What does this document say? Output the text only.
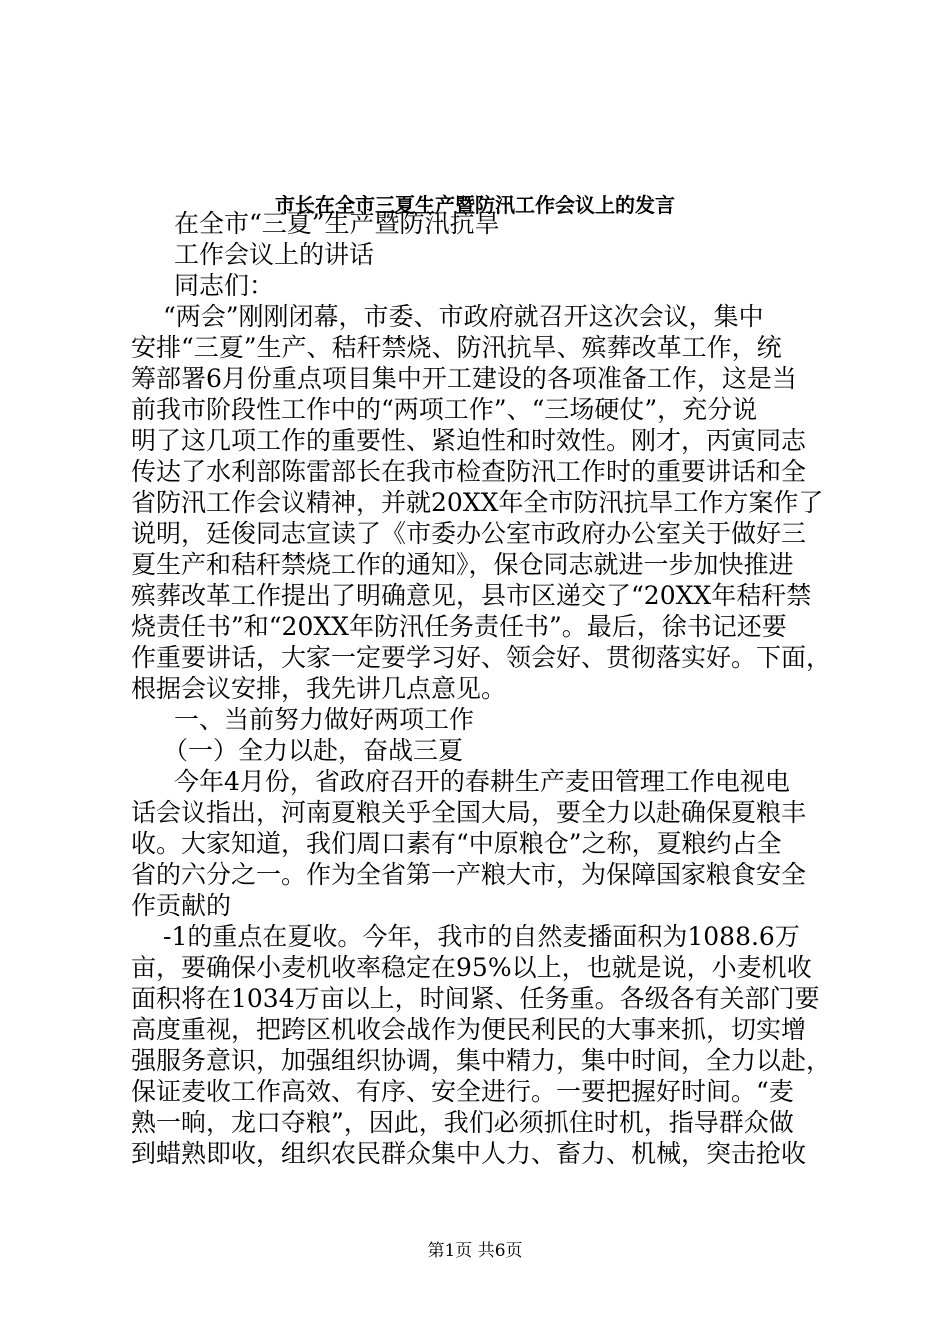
市长在全市三夏生产暨防汛工作会议上的发言
在全市“三夏”生产暨防汛抗旱
工作会议上的讲话
同志们：
“两会”刚刚闭幕，市委、市政府就召开这次会议，集中
安排“三夏”生产、秸秆禁烧、防汛抗旱、殡葬改革工作，统
筹部署6月份重点项目集中开工建设的各项准备工作，这是当
前我市阶段性工作中的“两项工作”、“三场硬仗”，充分说
明了这几项工作的重要性、紧迫性和时效性。刚才，丙寅同志
传达了水利部陈雷部长在我市检查防汛工作时的重要讲话和全
省防汛工作会议精神，并就20XX年全市防汛抗旱工作方案作了
说明，廷俊同志宣读了《市委办公室市政府办公室关于做好三
夏生产和秸秆禁烧工作的通知》，保仓同志就进一步加快推进
殡葬改革工作提出了明确意见，县市区递交了“20XX年秸秆禁
烧责任书”和“20XX年防汛任务责任书”。最后，徐书记还要
作重要讲话，大家一定要学习好、领会好、贯彻落实好。下面，
根据会议安排，我先讲几点意见。
一、当前努力做好两项工作
（一）全力以赴，奋战三夏
今年4月份，省政府召开的春耕生产麦田管理工作电视电
话会议指出，河南夏粮关乎全国大局，要全力以赴确保夏粮丰
收。大家知道，我们周口素有“中原粮仓”之称，夏粮约占全
省的六分之一。作为全省第一产粮大市，为保障国家粮食安全
作贡献的
-1的重点在夏收。今年，我市的自然麦播面积为1088.6万
亩，要确保小麦机收率稳定在95%以上，也就是说，小麦机收
面积将在1034万亩以上，时间紧、任务重。各级各有关部门要
高度重视，把跨区机收会战作为便民利民的大事来抓，切实增
强服务意识，加强组织协调，集中精力，集中时间，全力以赴，
保证麦收工作高效、有序、安全进行。一要把握好时间。“麦
熟一晌，龙口夺粮”，因此，我们必须抓住时机，指导群众做
到蜡熟即收，组织农民群众集中人力、畜力、机械，突击抢收
第1页 共6页
